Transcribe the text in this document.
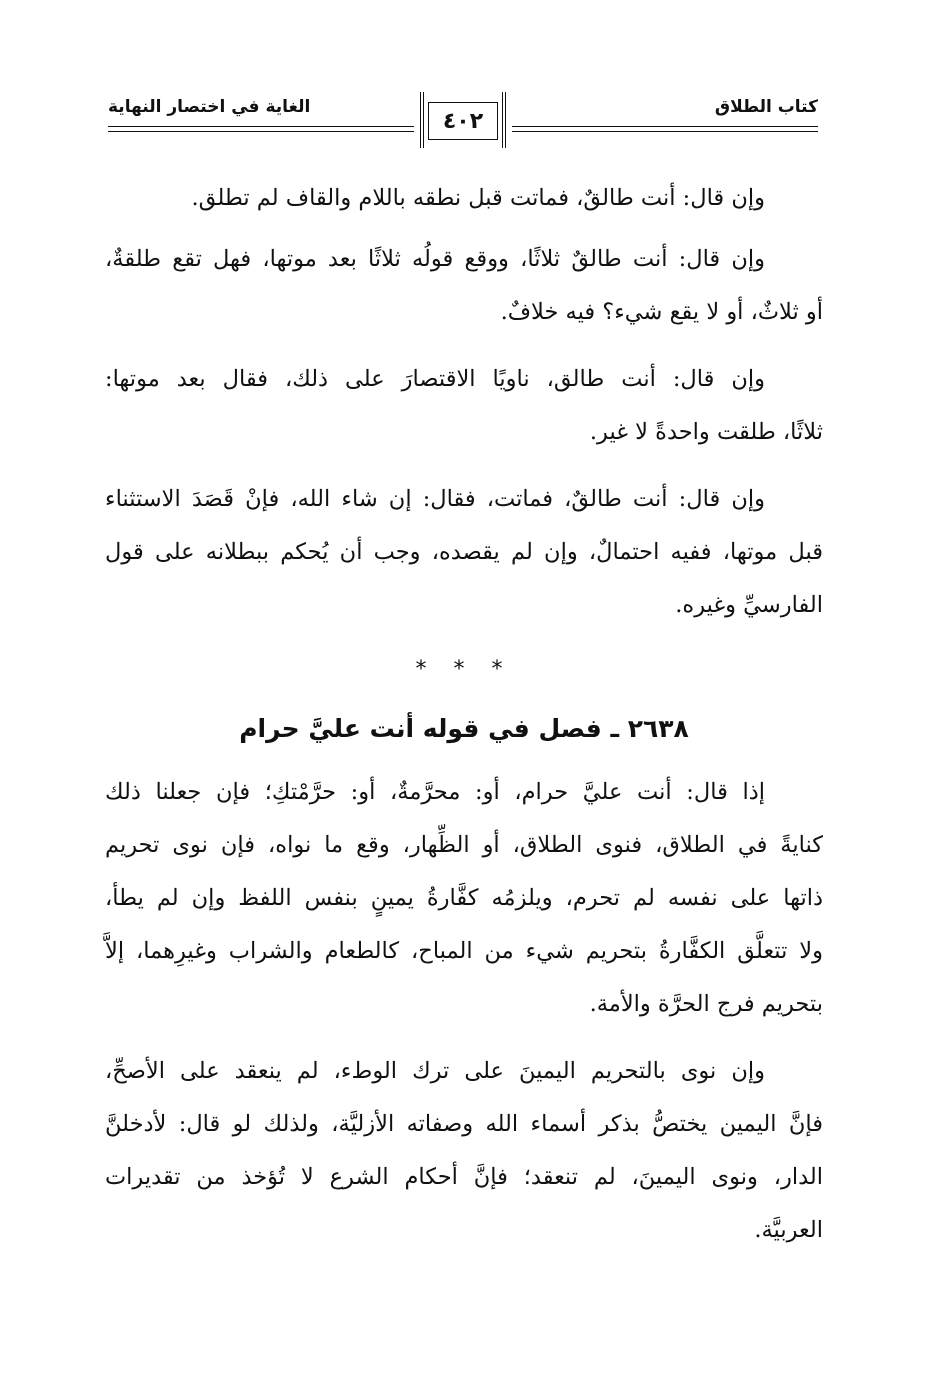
كتاب الطلاق
الغاية في اختصار النهاية
٤٠٢

وإن قال: أنت طالقٌ، فماتت قبل نطقه باللام والقاف لم تطلق.

وإن قال: أنت طالقٌ ثلاثًا، ووقع قولُه ثلاثًا بعد موتها، فهل تقع طلقةٌ،
أو ثلاثٌ، أو لا يقع شيء؟ فيه خلافٌ.

وإن قال: أنت طالق، ناويًا الاقتصارَ على ذلك، فقال بعد موتها:
ثلاثًا، طلقت واحدةً لا غير.

وإن قال: أنت طالقٌ، فماتت، فقال: إن شاء الله، فإنْ قَصَدَ الاستثناء
قبل موتها، ففيه احتمالٌ، وإن لم يقصده، وجب أن يُحكم ببطلانه على قول
الفارسيِّ وغيره.

* * *
٢٦٣٨ ـ فصل في قوله أنت عليَّ حرام

إذا قال: أنت عليَّ حرام، أو: محرَّمةٌ، أو: حرَّمْتكِ؛ فإن جعلنا ذلك
كنايةً في الطلاق، فنوى الطلاق، أو الظِّهار، وقع ما نواه، فإن نوى تحريم
ذاتها على نفسه لم تحرم، ويلزمُه كفَّارةُ يمينٍ بنفس اللفظ وإن لم يطأ،
ولا تتعلَّق الكفَّارةُ بتحريم شيء من المباح، كالطعام والشراب وغيرِهما، إلاَّ
بتحريم فرج الحرَّة والأمة.

وإن نوى بالتحريم اليمينَ على ترك الوطء، لم ينعقد على الأصحِّ،
فإنَّ اليمين يختصُّ بذكر أسماء الله وصفاته الأزليَّة، ولذلك لو قال: لأدخلنَّ
الدار، ونوى اليمينَ، لم تنعقد؛ فإنَّ أحكام الشرع لا تُؤخذ من تقديرات
العربيَّة.
